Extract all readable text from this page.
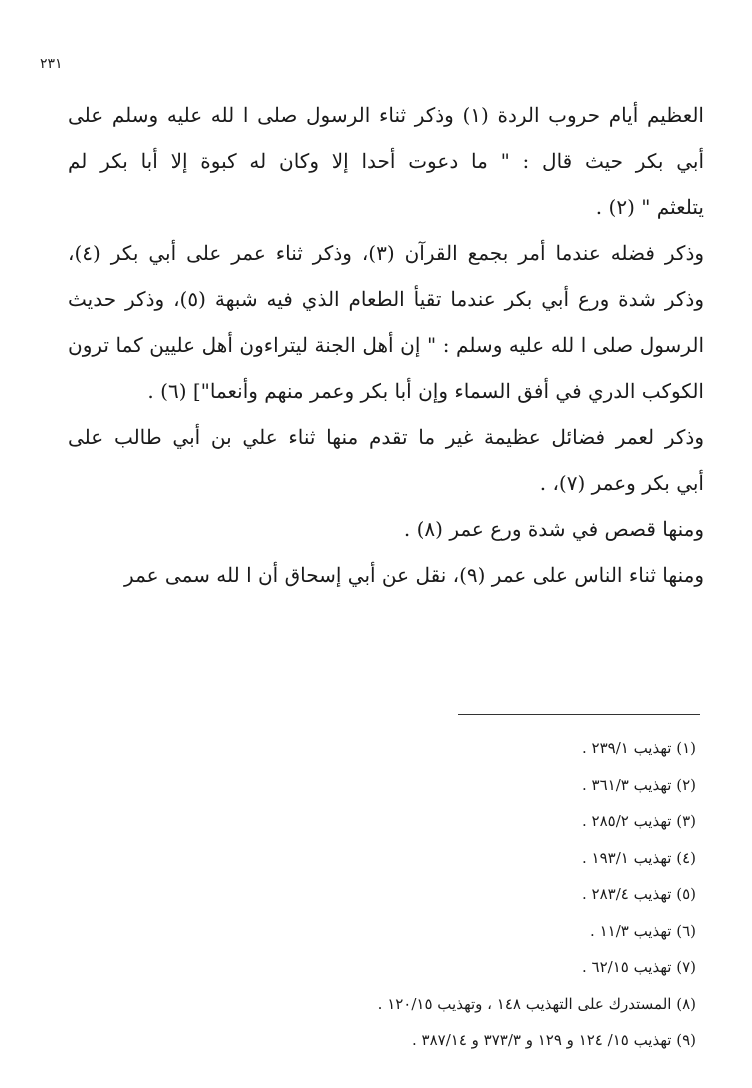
٢٣١
العظيم أيام حروب الردة (١) وذكر ثناء الرسول صلى ا لله عليه وسلم على
أبي بكر حيث قال : " ما دعوت أحدا إلا وكان له كبوة إلا أبا بكر لم
يتلعثم " (٢) .
وذكر فضله عندما أمر بجمع القرآن (٣)، وذكر ثناء عمر على أبي بكر (٤)،
وذكر شدة ورع أبي بكر عندما تقيأ الطعام الذي فيه شبهة (٥)، وذكر حديث
الرسول صلى ا لله عليه وسلم : " إن أهل الجنة ليتراءون أهل عليين كما ترون
الكوكب الدري في أفق السماء وإن أبا بكر وعمر منهم وأنعما"] (٦) .
وذكر لعمر فضائل عظيمة غير ما تقدم منها ثناء علي بن أبي طالب على
أبي بكر وعمر (٧)، .
ومنها قصص في شدة ورع عمر (٨) .
ومنها ثناء الناس على عمر (٩)، نقل عن أبي إسحاق أن ا لله سمى عمر
(١) تهذيب ٢٣٩/١ .
(٢) تهذيب ٣٦١/٣ .
(٣) تهذيب ٢٨٥/٢ .
(٤) تهذيب ١٩٣/١ .
(٥) تهذيب ٢٨٣/٤ .
(٦) تهذيب ١١/٣ .
(٧) تهذيب ٦٢/١٥ .
(٨) المستدرك على التهذيب ١٤٨ ، وتهذيب ١٢٠/١٥ .
(٩) تهذيب ١٥/ ١٢٤ و ١٢٩ و ٣٧٣/٣ و ٣٨٧/١٤ .
